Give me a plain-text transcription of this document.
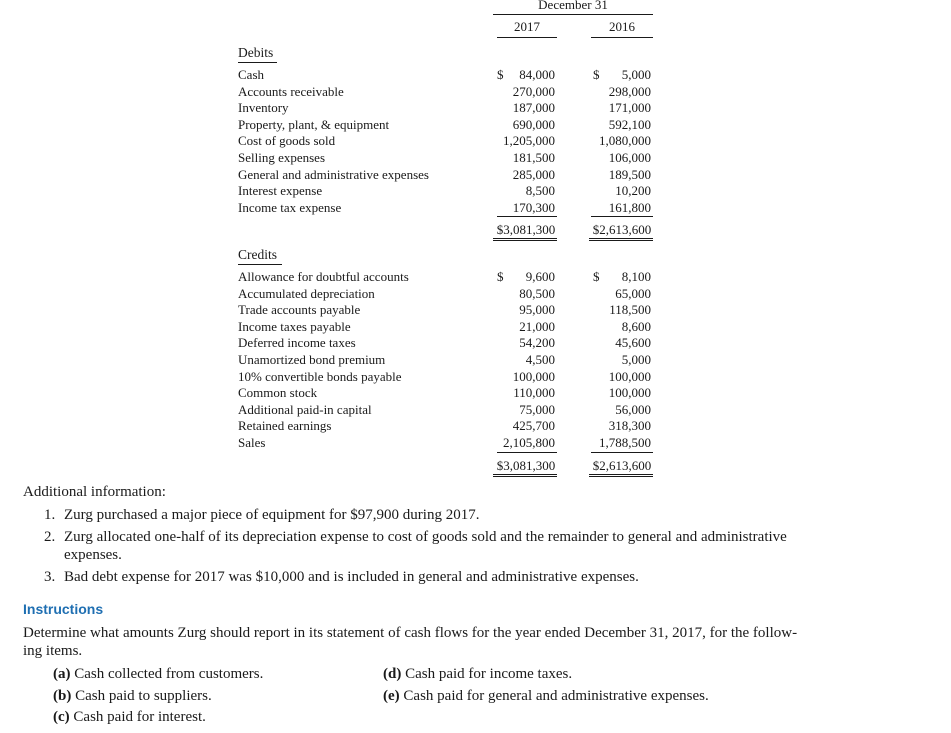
December 31
2017	2016
Debits
Cash	84,000	5,000
Accounts receivable	270,000	298,000
Inventory	187,000	171,000
Property, plant, & equipment	690,000	592,100
Cost of goods sold	1,205,000	1,080,000
Selling expenses	181,500	106,000
General and administrative expenses	285,000	189,500
Interest expense	8,500	10,200
Income tax expense	170,300	161,800
$	$
$3,081,300	$2,613,600
Credits
Allowance for doubtful accounts	9,600	8,100
Accumulated depreciation	80,500	65,000
Trade accounts payable	95,000	118,500
Income taxes payable	21,000	8,600
Deferred income taxes	54,200	45,600
Unamortized bond premium	4,500	5,000
10% convertible bonds payable	100,000	100,000
Common stock	110,000	100,000
Additional paid-in capital	75,000	56,000
Retained earnings	425,700	318,300
Sales	2,105,800	1,788,500
$	$
$3,081,300	$2,613,600
Additional information:
1. Zurg purchased a major piece of equipment for $97,900 during 2017.
2. Zurg allocated one-half of its depreciation expense to cost of goods sold and the remainder to general and administrative
expenses.
3. Bad debt expense for 2017 was $10,000 and is included in general and administrative expenses.
Instructions
Determine what amounts Zurg should report in its statement of cash flows for the year ended December 31, 2017, for the follow-
ing items.
(a) Cash collected from customers.
(b) Cash paid to suppliers.
(c) Cash paid for interest.
(d) Cash paid for income taxes.
(e) Cash paid for general and administrative expenses.
